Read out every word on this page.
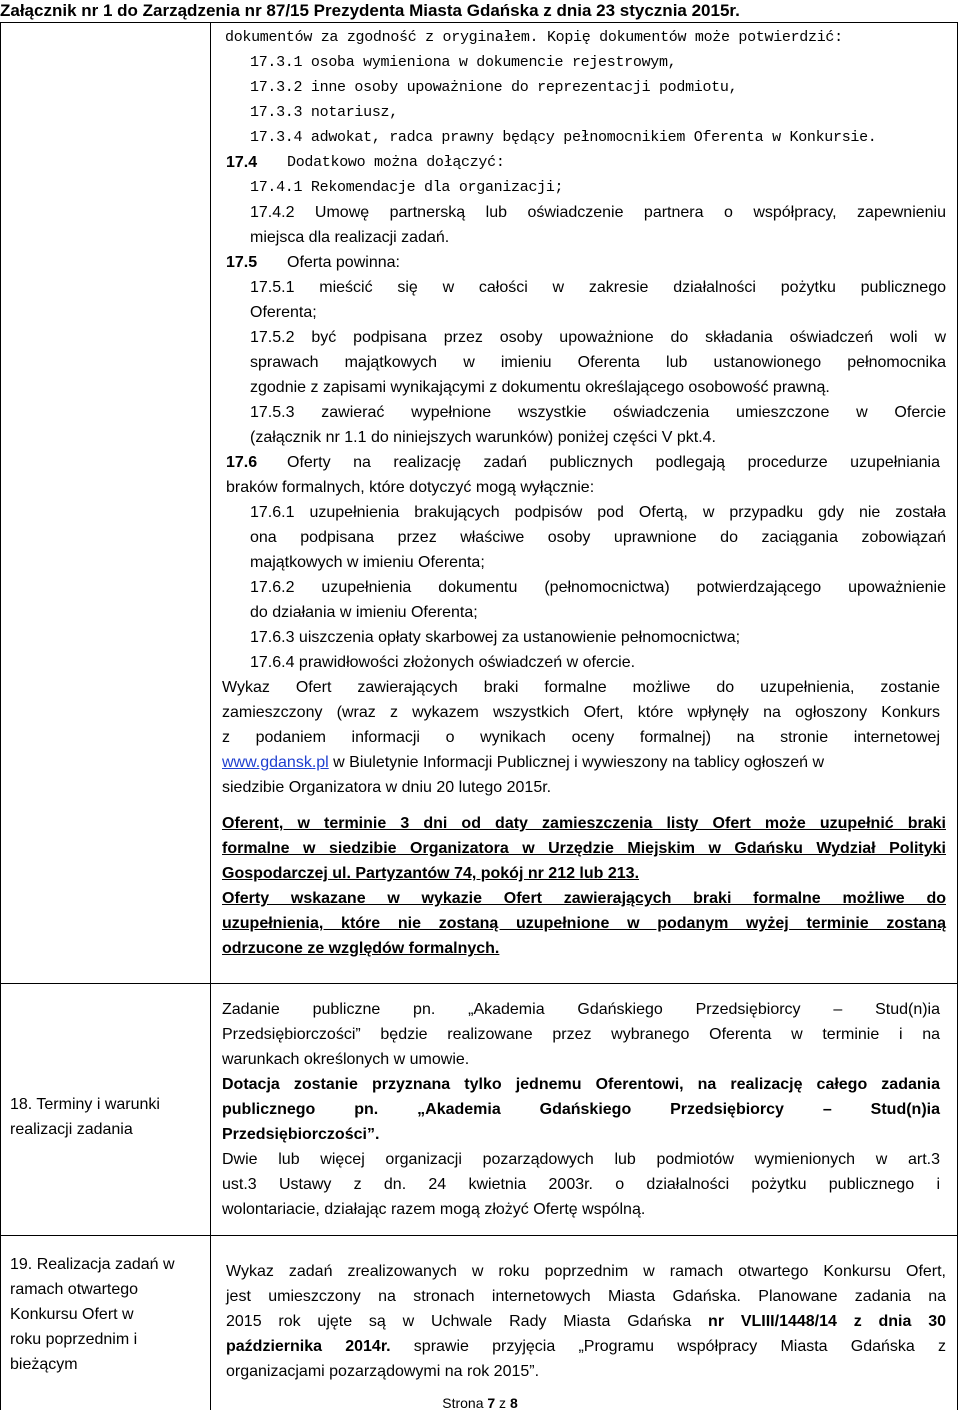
Załącznik nr 1 do Zarządzenia nr 87/15 Prezydenta Miasta Gdańska z dnia 23 stycznia 2015r.
dokumentów za zgodność z oryginałem. Kopię dokumentów może potwierdzić:
17.3.1 osoba wymieniona w dokumencie rejestrowym,
17.3.2 inne osoby upoważnione do reprezentacji podmiotu,
17.3.3 notariusz,
17.3.4 adwokat, radca prawny będący pełnomocnikiem Oferenta w Konkursie.
17.4 Dodatkowo można dołączyć:
17.4.1 Rekomendacje dla organizacji;
17.4.2 Umowę partnerską lub oświadczenie partnera o współpracy, zapewnieniu
miejsca dla realizacji zadań.
17.5 Oferta powinna:
17.5.1 mieścić się w całości w zakresie działalności pożytku publicznego
Oferenta;
17.5.2 być podpisana przez osoby upoważnione do składania oświadczeń woli w
sprawach majątkowych w imieniu Oferenta lub ustanowionego pełnomocnika
zgodnie z zapisami wynikającymi z dokumentu określającego osobowość prawną.
17.5.3 zawierać wypełnione wszystkie oświadczenia umieszczone w Ofercie
(załącznik nr 1.1 do niniejszych warunków) poniżej części V pkt.4.
17.6 Oferty na realizację zadań publicznych podlegają procedurze uzupełniania
braków formalnych, które dotyczyć mogą wyłącznie:
17.6.1 uzupełnienia brakujących podpisów pod Ofertą, w przypadku gdy nie została
ona podpisana przez właściwe osoby uprawnione do zaciągania zobowiązań
majątkowych w imieniu Oferenta;
17.6.2 uzupełnienia dokumentu (pełnomocnictwa) potwierdzającego upoważnienie
do działania w imieniu Oferenta;
17.6.3 uiszczenia opłaty skarbowej za ustanowienie pełnomocnictwa;
17.6.4 prawidłowości złożonych oświadczeń w ofercie.
Wykaz Ofert zawierających braki formalne możliwe do uzupełnienia, zostanie
zamieszczony (wraz z wykazem wszystkich Ofert, które wpłynęły na ogłoszony Konkurs
z podaniem informacji o wynikach oceny formalnej) na stronie internetowej
www.gdansk.pl w Biuletynie Informacji Publicznej i wywieszony na tablicy ogłoszeń w
siedzibie Organizatora w dniu 20 lutego 2015r.
Oferent, w terminie 3 dni od daty zamieszczenia listy Ofert może uzupełnić braki
formalne w siedzibie Organizatora w Urzędzie Miejskim w Gdańsku Wydział Polityki
Gospodarczej ul. Partyzantów 74, pokój nr 212 lub 213.
Oferty wskazane w wykazie Ofert zawierających braki formalne możliwe do
uzupełnienia, które nie zostaną uzupełnione w podanym wyżej terminie zostaną
odrzucone ze względów formalnych.
18. Terminy i warunki
realizacji zadania
Zadanie publiczne pn. „Akademia Gdańskiego Przedsiębiorcy – Stud(n)ia
Przedsiębiorczości” będzie realizowane przez wybranego Oferenta w terminie i na
warunkach określonych w umowie.
Dotacja zostanie przyznana tylko jednemu Oferentowi, na realizację całego zadania
publicznego pn. „Akademia Gdańskiego Przedsiębiorcy – Stud(n)ia
Przedsiębiorczości”.
Dwie lub więcej organizacji pozarządowych lub podmiotów wymienionych w art.3
ust.3 Ustawy z dn. 24 kwietnia 2003r. o działalności pożytku publicznego i
wolontariacie, działając razem mogą złożyć Ofertę wspólną.
19. Realizacja zadań w
ramach otwartego
Konkursu Ofert w
roku poprzednim i
bieżącym
Wykaz zadań zrealizowanych w roku poprzednim w ramach otwartego Konkursu Ofert,
jest umieszczony na stronach internetowych Miasta Gdańska. Planowane zadania na
2015 rok ujęte są w Uchwale Rady Miasta Gdańska nr VLIII/1448/14 z dnia 30
października 2014r. sprawie przyjęcia „Programu współpracy Miasta Gdańska z
organizacjami pozarządowymi na rok 2015”.
Strona 7 z 8
